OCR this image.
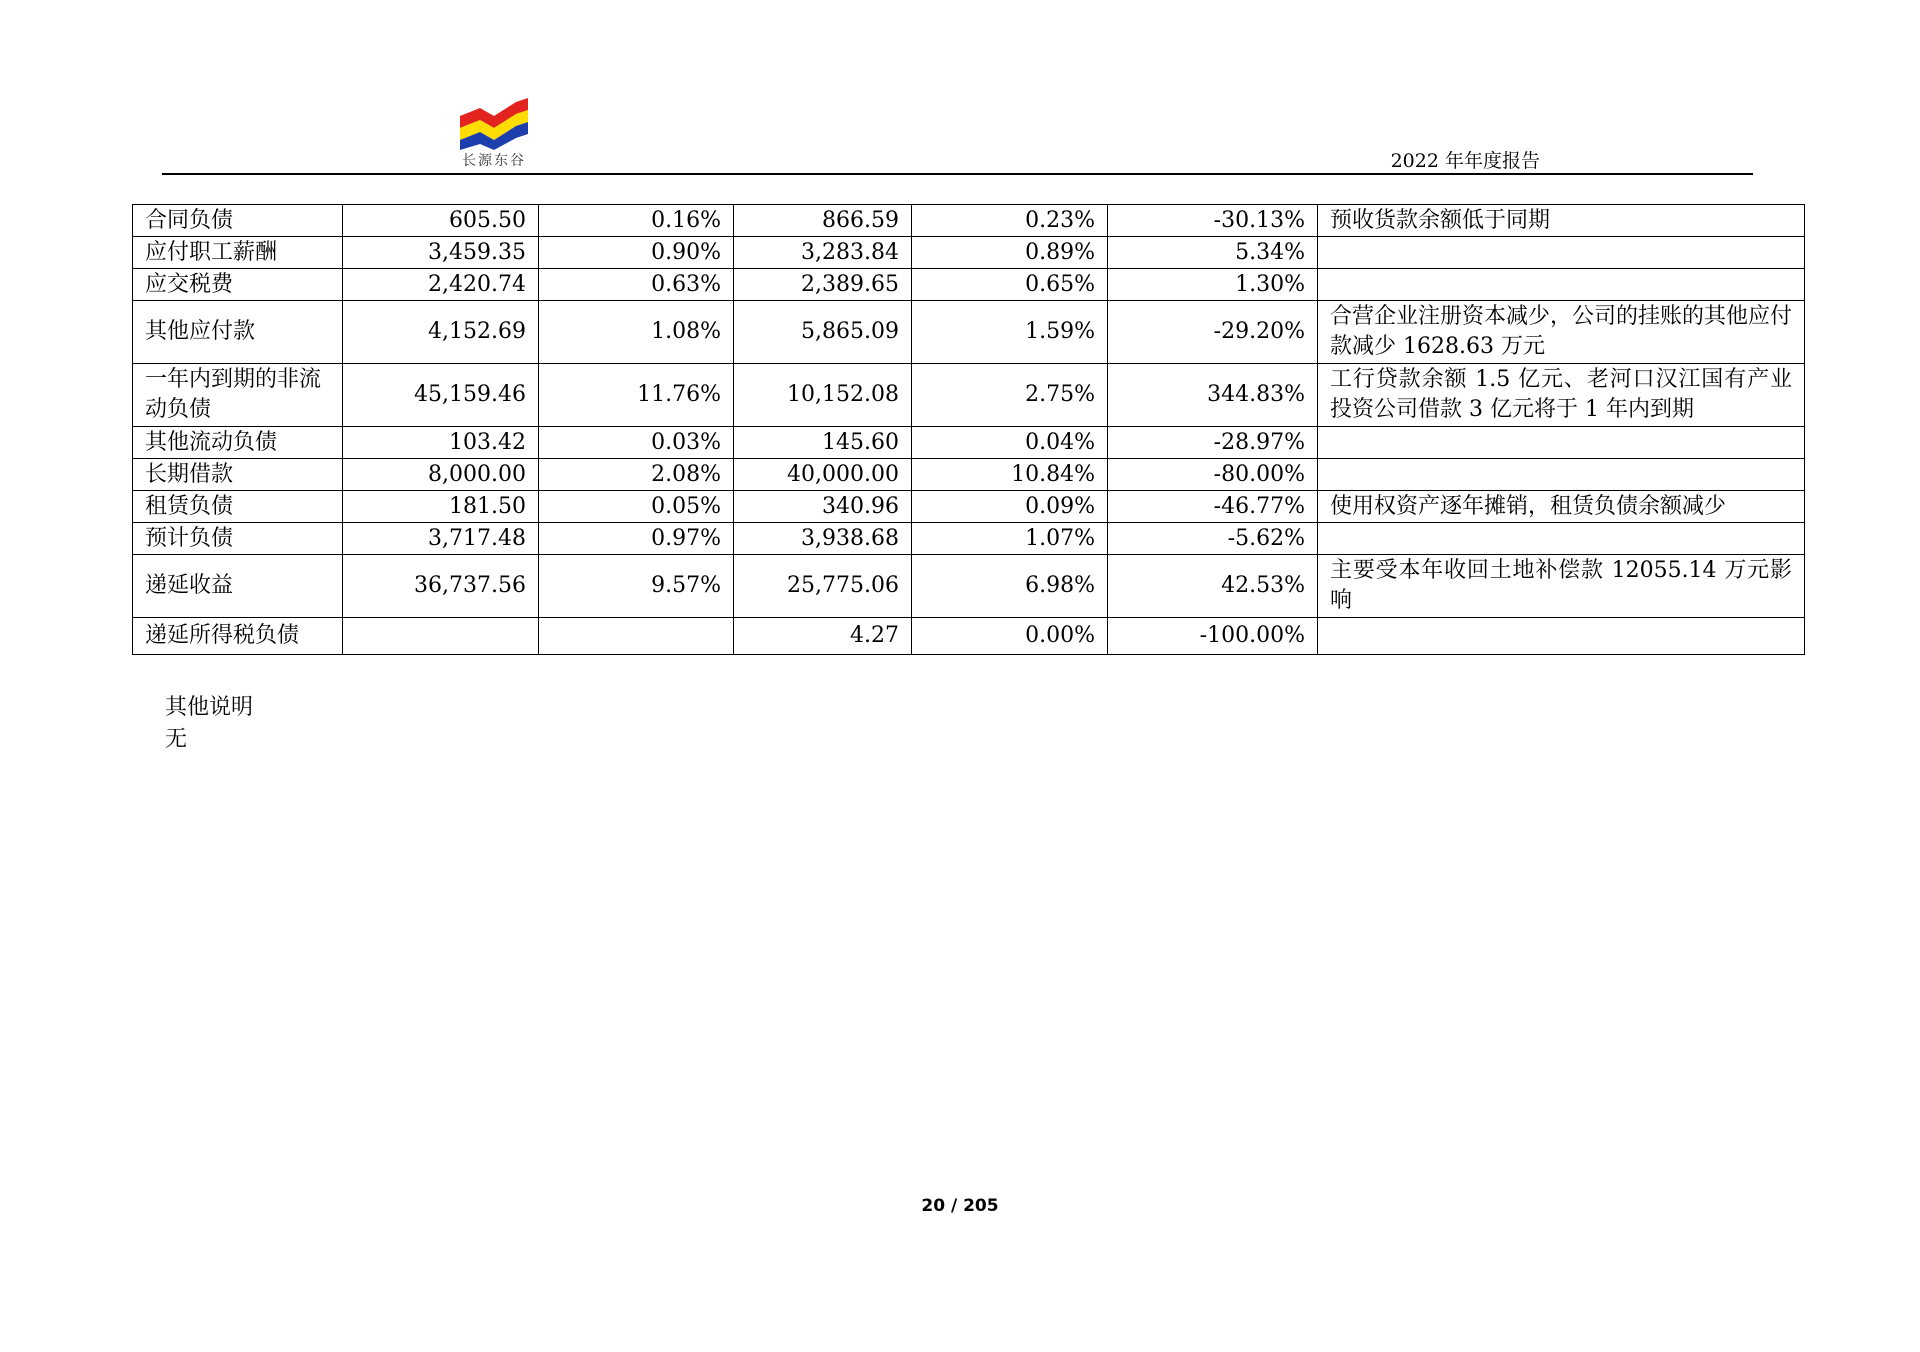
长源东谷	2022 年年度报告
合同负债	605.50	0.16%	866.59	0.23%	-30.13%	预收货款余额低于同期
应付职工薪酬	3,459.35	0.90%	3,283.84	0.89%	5.34%	
应交税费	2,420.74	0.63%	2,389.65	0.65%	1.30%	
其他应付款	4,152.69	1.08%	5,865.09	1.59%	-29.20%	合营企业注册资本减少，公司的挂账的其他应付款减少 1628.63 万元
一年内到期的非流动负债	45,159.46	11.76%	10,152.08	2.75%	344.83%	工行贷款余额 1.5 亿元、老河口汉江国有产业投资公司借款 3 亿元将于 1 年内到期
其他流动负债	103.42	0.03%	145.60	0.04%	-28.97%	
长期借款	8,000.00	2.08%	40,000.00	10.84%	-80.00%	
租赁负债	181.50	0.05%	340.96	0.09%	-46.77%	使用权资产逐年摊销，租赁负债余额减少
预计负债	3,717.48	0.97%	3,938.68	1.07%	-5.62%	
递延收益	36,737.56	9.57%	25,775.06	6.98%	42.53%	主要受本年收回土地补偿款 12055.14 万元影响
递延所得税负债			4.27	0.00%	-100.00%	
其他说明
无
20 / 205
